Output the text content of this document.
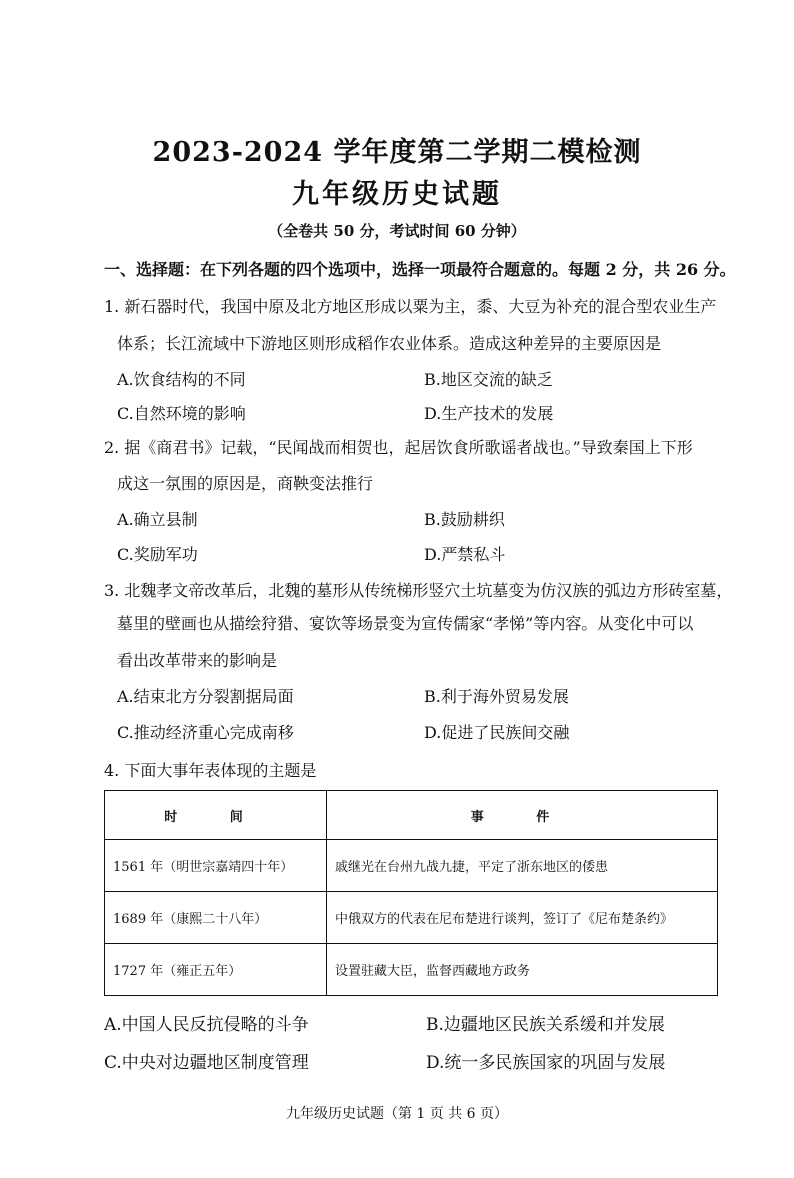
2023-2024 学年度第二学期二模检测
九年级历史试题
（全卷共 50 分，考试时间 60 分钟）
一、选择题：在下列各题的四个选项中，选择一项最符合题意的。每题 2 分，共 26 分。
1. 新石器时代，我国中原及北方地区形成以粟为主，黍、大豆为补充的混合型农业生产
体系；长江流域中下游地区则形成稻作农业体系。造成这种差异的主要原因是
A.饮食结构的不同	B.地区交流的缺乏
C.自然环境的影响	D.生产技术的发展
2. 据《商君书》记载，“民闻战而相贺也，起居饮食所歌谣者战也。”导致秦国上下形
成这一氛围的原因是，商鞅变法推行
A.确立县制	B.鼓励耕织
C.奖励军功	D.严禁私斗
3. 北魏孝文帝改革后，北魏的墓形从传统梯形竖穴土坑墓变为仿汉族的弧边方形砖室墓，
墓里的壁画也从描绘狩猎、宴饮等场景变为宣传儒家“孝悌”等内容。从变化中可以
看出改革带来的影响是
A.结束北方分裂割据局面	B.利于海外贸易发展
C.推动经济重心完成南移	D.促进了民族间交融
4. 下面大事年表体现的主题是
时 间	事 件
1561 年（明世宗嘉靖四十年）	戚继光在台州九战九捷，平定了浙东地区的倭患
1689 年（康熙二十八年）	中俄双方的代表在尼布楚进行谈判，签订了《尼布楚条约》
1727 年（雍正五年）	设置驻藏大臣，监督西藏地方政务
A.中国人民反抗侵略的斗争	B.边疆地区民族关系缓和并发展
C.中央对边疆地区制度管理	D.统一多民族国家的巩固与发展
九年级历史试题（第 1 页 共 6 页）
